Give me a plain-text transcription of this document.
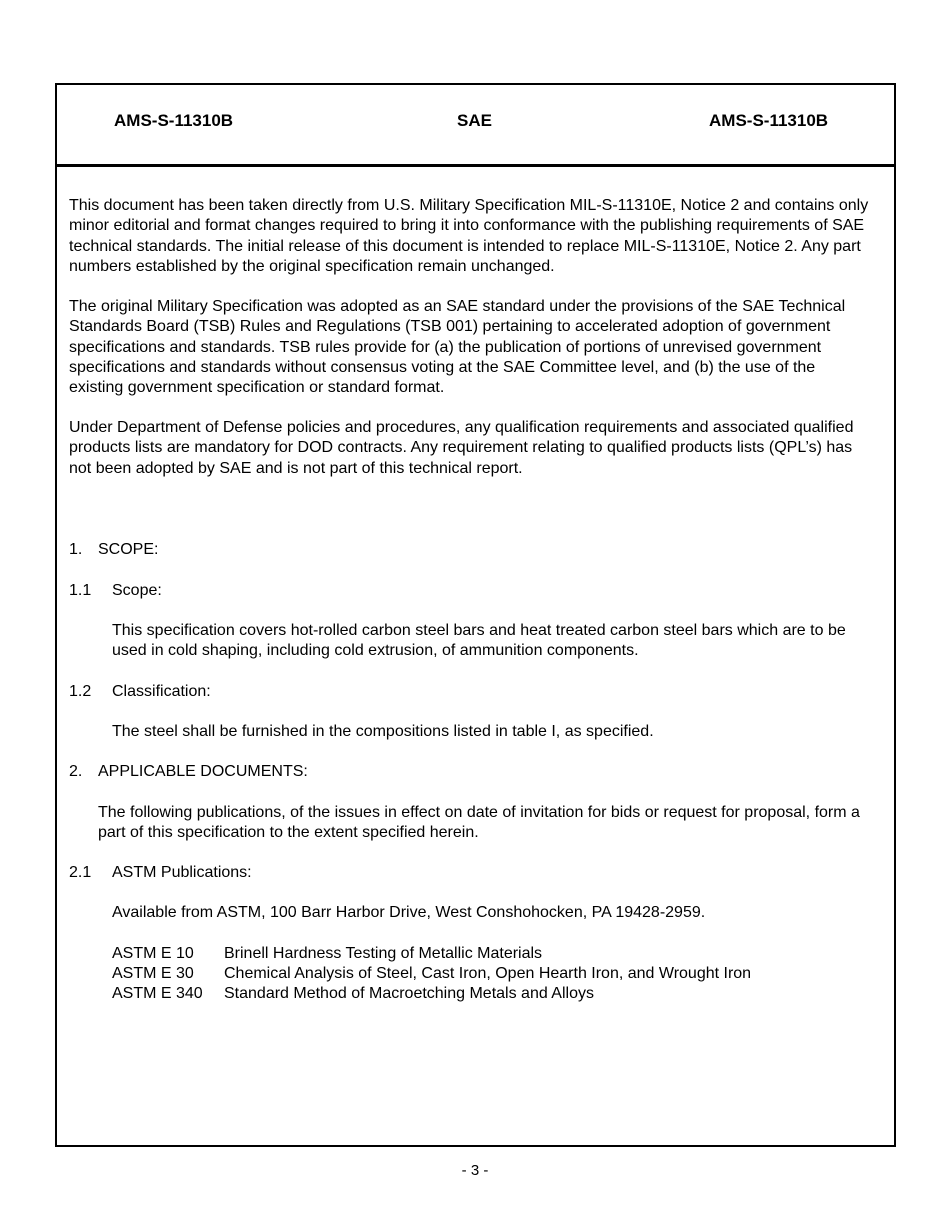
AMS-S-11310B	SAE	AMS-S-11310B

This document has been taken directly from U.S. Military Specification MIL-S-11310E, Notice 2 and contains only minor editorial and format changes required to bring it into conformance with the publishing requirements of SAE technical standards. The initial release of this document is intended to replace MIL-S-11310E, Notice 2. Any part numbers established by the original specification remain unchanged.

The original Military Specification was adopted as an SAE standard under the provisions of the SAE Technical Standards Board (TSB) Rules and Regulations (TSB 001) pertaining to accelerated adoption of government specifications and standards. TSB rules provide for (a) the publication of portions of unrevised government specifications and standards without consensus voting at the SAE Committee level, and (b) the use of the existing government specification or standard format.

Under Department of Defense policies and procedures, any qualification requirements and associated qualified products lists are mandatory for DOD contracts. Any requirement relating to qualified products lists (QPL’s) has not been adopted by SAE and is not part of this technical report.

1. SCOPE:
1.1 Scope:

This specification covers hot-rolled carbon steel bars and heat treated carbon steel bars which are to be used in cold shaping, including cold extrusion, of ammunition components.

1.2 Classification:

The steel shall be furnished in the compositions listed in table I, as specified.

2. APPLICABLE DOCUMENTS:

The following publications, of the issues in effect on date of invitation for bids or request for proposal, form a part of this specification to the extent specified herein.

2.1 ASTM Publications:

Available from ASTM, 100 Barr Harbor Drive, West Conshohocken, PA 19428-2959.

ASTM E 10 Brinell Hardness Testing of Metallic Materials
ASTM E 30 Chemical Analysis of Steel, Cast Iron, Open Hearth Iron, and Wrought Iron
ASTM E 340 Standard Method of Macroetching Metals and Alloys
- 3 -
